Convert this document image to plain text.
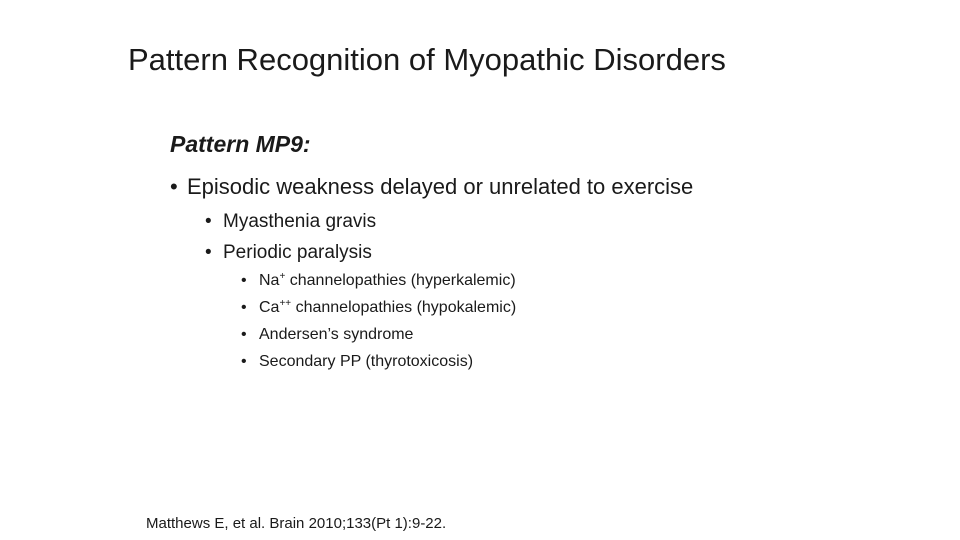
Pattern Recognition of Myopathic Disorders
Pattern MP9:
• Episodic weakness delayed or unrelated to exercise
• Myasthenia gravis
• Periodic paralysis
• Na+ channelopathies (hyperkalemic)
• Ca++ channelopathies (hypokalemic)
• Andersen’s syndrome
• Secondary PP (thyrotoxicosis)
Matthews E, et al. Brain 2010;133(Pt 1):9-22.
